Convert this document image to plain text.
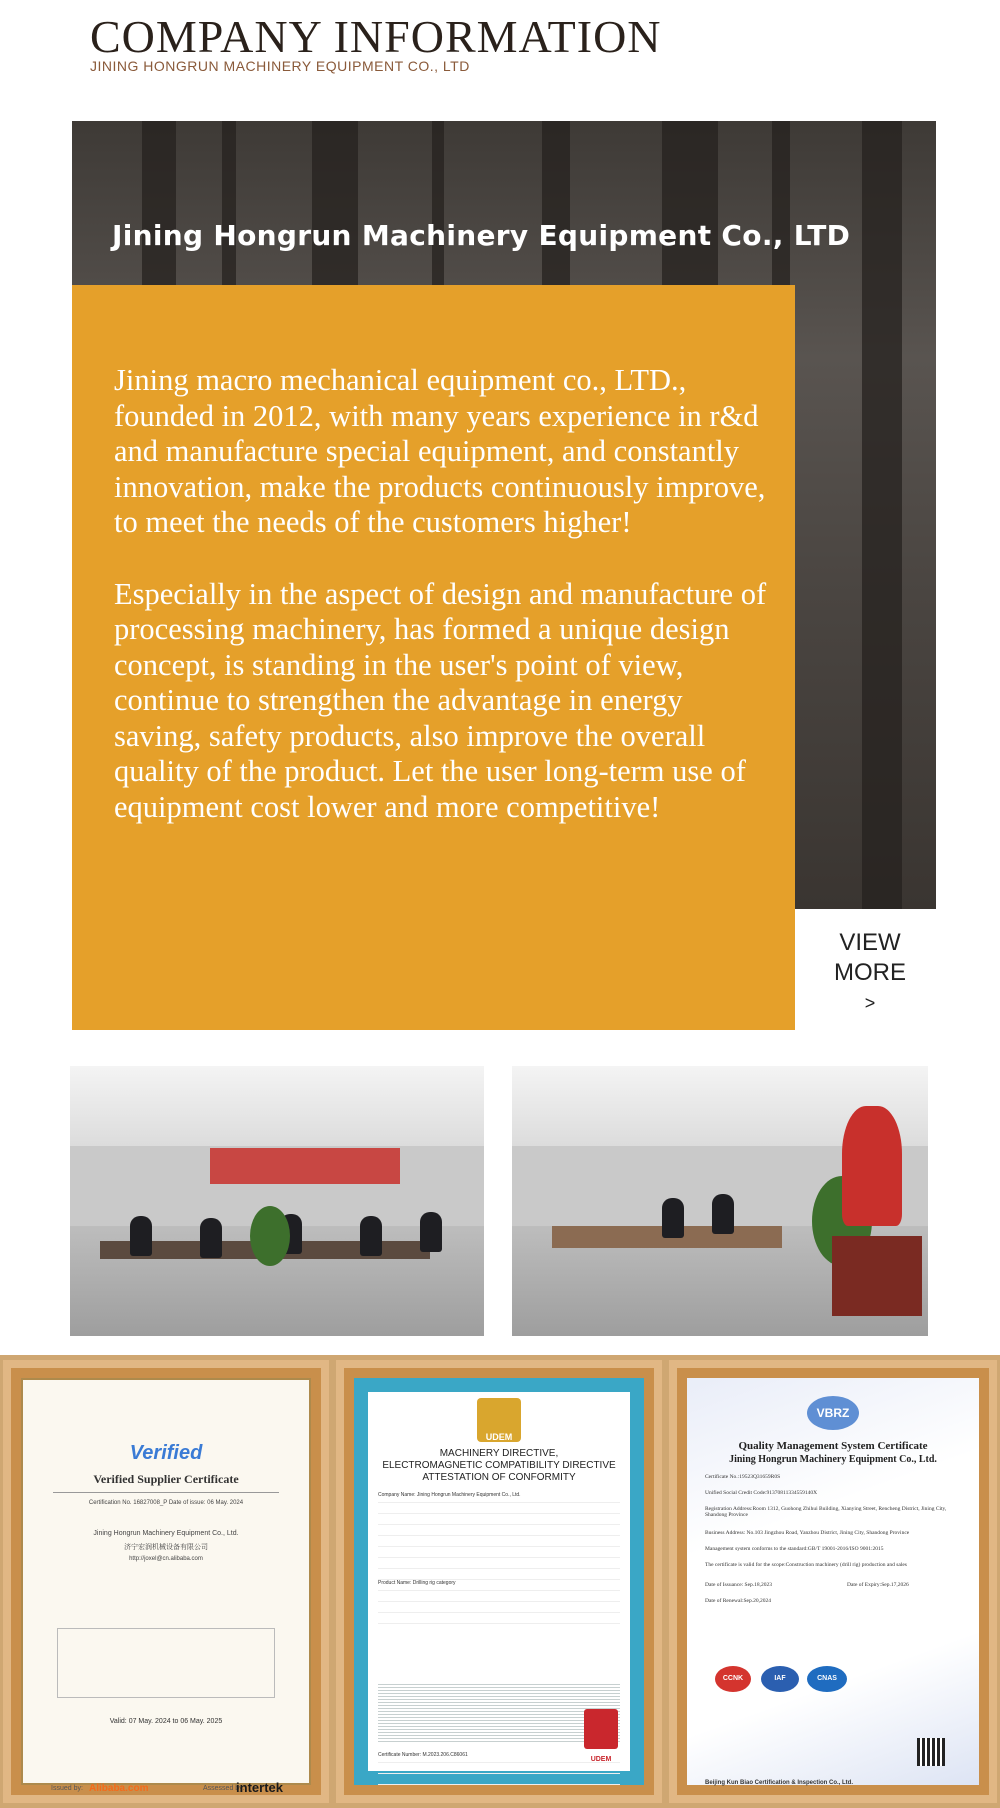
COMPANY INFORMATION
JINING HONGRUN MACHINERY EQUIPMENT CO., LTD
Jining Hongrun Machinery Equipment Co., LTD

Jining macro mechanical equipment co., LTD., founded in 2012, with many years experience in r&d and manufacture special equipment, and constantly innovation, make the products continuously improve, to meet the needs of the customers higher!

Especially in the aspect of design and manufacture of processing machinery, has formed a unique design concept, is standing in the user's point of view, continue to strengthen the advantage in energy saving, safety products, also improve the overall quality of the product. Let the user long-term use of equipment cost lower and more competitive!

VIEW
MORE
>
Verified
Verified Supplier Certificate
Certification No. 16827008_P Date of issue: 06 May. 2024
Jining Hongrun Machinery Equipment Co., Ltd.
济宁宏润机械设备有限公司
http://joxel@cn.alibaba.com
Valid: 07 May. 2024 to 06 May. 2025
Issued by: Alibaba.com	Assessed by:
intertek
UDEM
MACHINERY DIRECTIVE,
ELECTROMAGNETIC COMPATIBILITY DIRECTIVE
ATTESTATION OF CONFORMITY
Company Name: Jining Hongrun Machinery Equipment Co., Ltd.
Product Name: Drilling rig category
Certificate Number: M.2023.206.C86061
UDEM
VBRZ
Quality Management System Certificate
Jining Hongrun Machinery Equipment Co., Ltd.
Certificate No.:19523Q31659R0S
Unified Social Credit Code:91370811334559140X
Registration Address:Room 1312, Guohong Zhihui Building, Xianying Street, Rencheng District, Jining City, Shandong Province
Business Address: No.103 Jingzhou Road, Yanzhou District, Jining City, Shandong Province
Management system conforms to the standard:GB/T 19001-2016/ISO 9001:2015
The certificate is valid for the scope:Construction machinery (drill rig) production and sales
Date of Issuance: Sep.18,2023	Date of Expiry:Sep.17,2026
Date of Renewal:Sep.20,2024
CCNK	IAF	CNAS
Beijing Kun Biao Certification & Inspection Co., Ltd.
